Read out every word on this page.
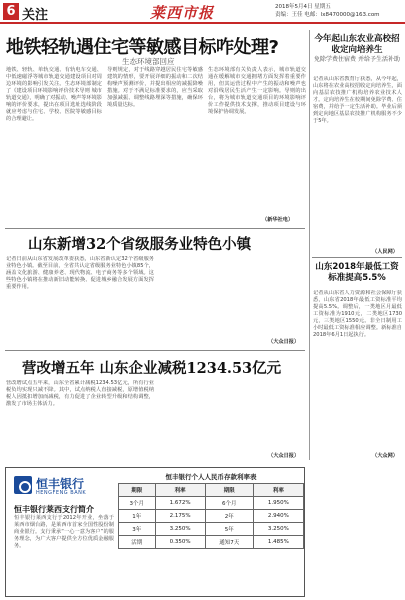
6 关注	莱西市报	2018年5月4日 星期五
责编：王佳 电邮：lx8470000@163.com
地铁轻轨遇住宅等敏感目标咋处理?
生态环境部回应
地铁、轻轨、单轨交通、有轨电车交通、中低速磁浮等城市轨道交通建设项目对周边环境的影响引发关注。生态环境部制定了《建设项目环境影响评价技术导则 城市轨道交通》，明确了对振动、噪声等环境影响的评价要求，提出在项目选址选线阶段就应考虑与住宅、学校、医院等敏感目标的合理避让。
导则规定，对于线路穿越居民住宅等敏感建筑的情形，要开展详细的振动和二次结构噪声预测评价，并提出相应的减振降噪措施。对于不满足标准要求的，应当采取加强减振、调整线路埋深等措施，确保环境质量达标。
生态环境部有关负责人表示，城市轨道交通在缓解城市交通拥堵方面发挥着重要作用，但其运营过程中产生的振动和噪声也对沿线居民生活产生一定影响。导则的出台，将为城市轨道交通项目的环境影响评价工作提供技术支撑，推动项目建设与环境保护协调发展。
（新华社电）
今年起山东农业高校招收定向培养生
免除学费住宿费 并给予生活补助
记者从山东省教育厅获悉，从今年起，山东将在农业高校招收定向培养生，面向基层农技推广机构培养农业技术人才。定向培养生在校期间免除学费、住宿费，并给予一定生活补助。毕业后须到定向地区基层农技推广机构服务不少于5年。
（人民网）
山东新增32个省级服务业特色小镇
记者日前从山东省发展改革委获悉，山东省新认定32个省级服务业特色小镇。截至目前，全省共认定省级服务业特色小镇85个，涵盖文化旅游、健康养老、现代物流、电子商务等多个领域。这些特色小镇将在推动新旧动能转换、促进城乡融合发展方面发挥重要作用。
（大众日报）
山东2018年最低工资标准提高5.5%
记者从山东省人力资源和社会保障厅获悉，山东省2018年最低工资标准平均提高5.5%。调整后，一类地区月最低工资标准为1910元，二类地区1730元，三类地区1550元。非全日制用工小时最低工资标准相应调整。新标准自2018年6月1日起执行。
（大众网）
营改增五年 山东企业减税1234.53亿元
营改增试点五年来，山东全省累计减税1234.53亿元，所有行业税负均实现只减不降。其中，试点纳税人直接减税，原增值税纳税人因抵扣增加而减税，有力促进了企业转型升级和结构调整，激发了市场主体活力。
（大众日报）
恒丰银行
HENGFENG BANK
恒丰银行莱西支行简介
恒丰银行莱西支行于2012年开业，坐落于莱西市烟台路，是莱西市首家全国性股份制商业银行。支行秉承“一心一意为客户”的服务理念，为广大客户提供全方位优质金融服务。
恒丰银行个人人民币存款利率表
期限	利率	期限	利率
3个月	1.672%	6个月	1.950%
1年	2.175%	2年	2.940%
3年	3.250%	5年	3.250%
活期	0.350%	通知7天	1.485%
